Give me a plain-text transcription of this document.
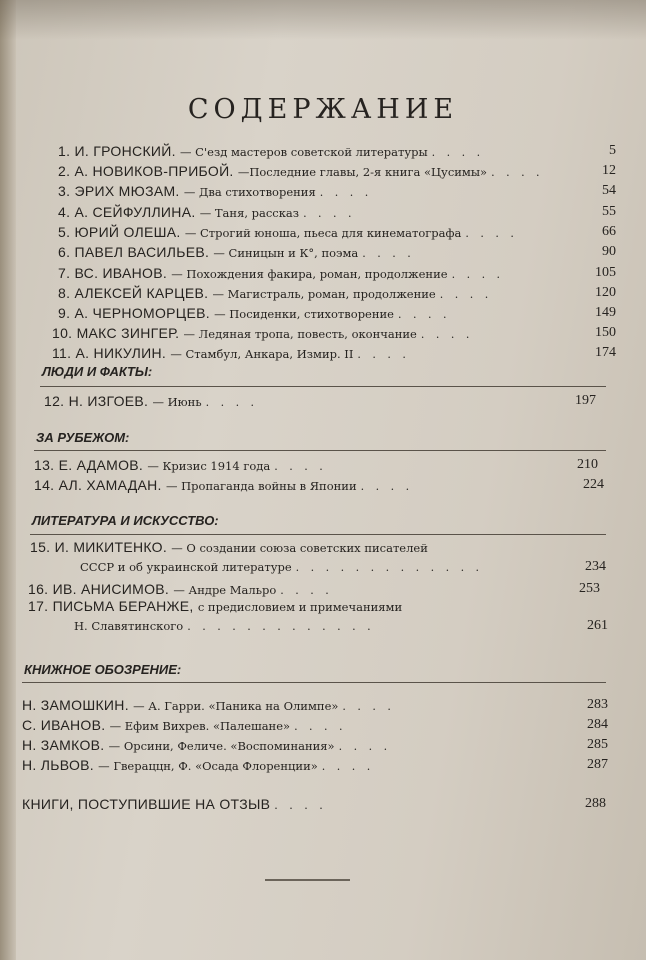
СОДЕРЖАНИЕ
1. И. ГРОНСКИЙ. — С'езд мастеров советской литературы . . . .	5
2. А. НОВИКОВ-ПРИБОЙ. —Последние главы, 2-я книга «Цусимы» . . . .	12
3. ЭРИХ МЮЗАМ. — Два стихотворения . . . .	54
4. А. СЕЙФУЛЛИНА. — Таня, рассказ . . . .	55
5. ЮРИЙ ОЛЕША. — Строгий юноша, пьеса для кинематографа . . . .	66
6. ПАВЕЛ ВАСИЛЬЕВ. — Синицын и К°, поэма . . . .	90
7. ВС. ИВАНОВ. — Похождения факира, роман, продолжение . . . .	105
8. АЛЕКСЕЙ КАРЦЕВ. — Магистраль, роман, продолжение . . . .	120
9. А. ЧЕРНОМОРЦЕВ. — Посиденки, стихотворение . . . .	149
10. МАКС ЗИНГЕР. — Ледяная тропа, повесть, окончание . . . .	150
11. А. НИКУЛИН. — Стамбул, Анкара, Измир. II . . . .	174
ЛЮДИ И ФАКТЫ:
12. Н. ИЗГОЕВ. — Июнь . . . .	197
ЗА РУБЕЖОМ:
13. Е. АДАМОВ. — Кризис 1914 года . . . .	210
14. АЛ. ХАМАДАН. — Пропаганда войны в Японии . . . .	224
ЛИТЕРАТУРА И ИСКУССТВО:
15. И. МИКИТЕНКО. — О создании союза советских писателей
СССР и об украинской литературе . . . . . . . . . . . . .	234
16. ИВ. АНИСИМОВ. — Андре Мальро . . . .	253
17. ПИСЬМА БЕРАНЖЕ, с предисловием и примечаниями
Н. Славятинского . . . . . . . . . . . . .	261
КНИЖНОЕ ОБОЗРЕНИЕ:
Н. ЗАМОШКИН. — А. Гарри. «Паника на Олимпе» . . . .	283
С. ИВАНОВ. — Ефим Вихрев. «Палешане» . . . .	284
Н. ЗАМКОВ. — Орсини, Феличе. «Воспоминания» . . . .	285
Н. ЛЬВОВ. — Гвераццн, Ф. «Осада Флоренции» . . . .	287
КНИГИ, ПОСТУПИВШИЕ НА ОТЗЫВ . . . .	288
